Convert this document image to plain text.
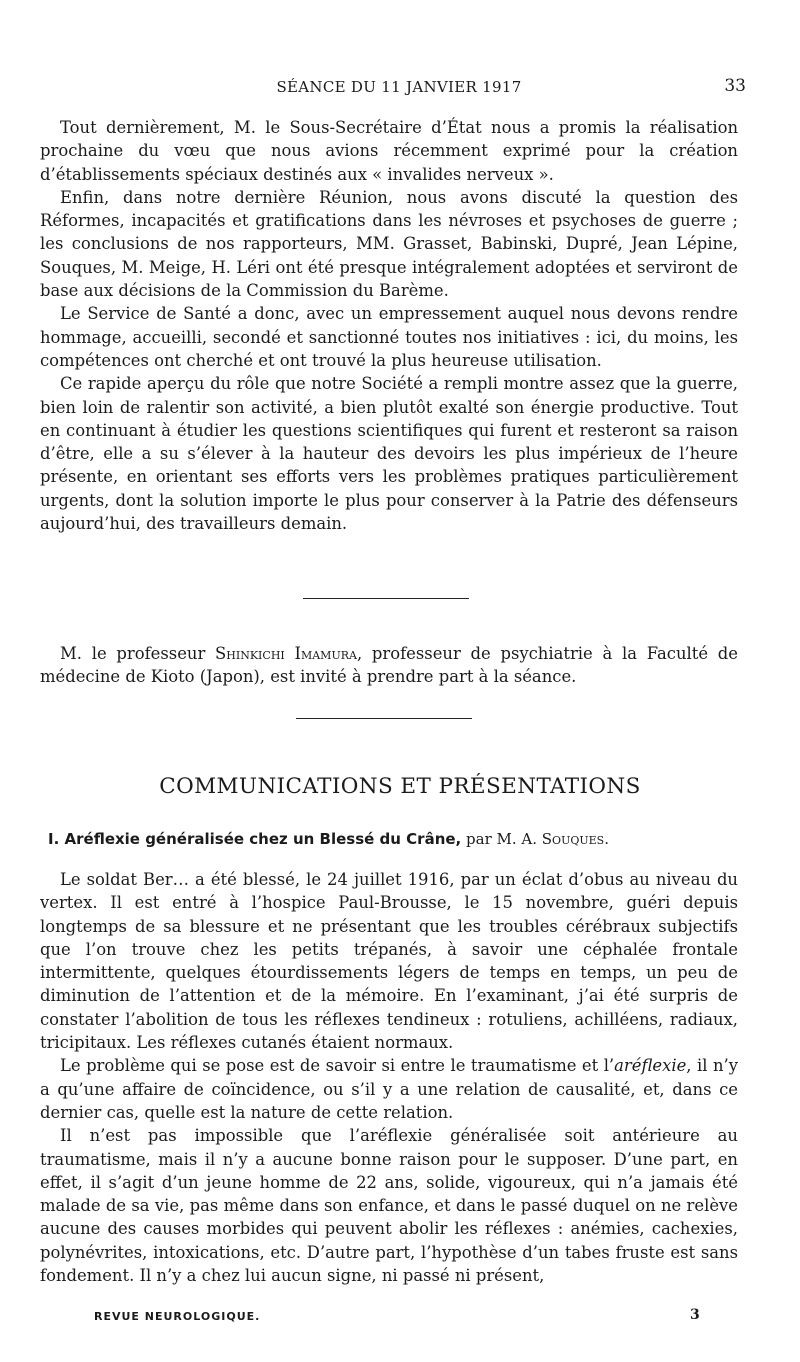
SÉANCE DU 11 JANVIER 1917	33

Tout dernièrement, M. le Sous-Secrétaire d’État nous a promis la réalisation prochaine du vœu que nous avions récemment exprimé pour la création d’établissements spéciaux destinés aux « invalides nerveux ».

Enfin, dans notre dernière Réunion, nous avons discuté la question des Réformes, incapacités et gratifications dans les névroses et psychoses de guerre ; les conclusions de nos rapporteurs, MM. Grasset, Babinski, Dupré, Jean Lépine, Souques, M. Meige, H. Léri ont été presque intégralement adoptées et serviront de base aux décisions de la Commission du Barème.

Le Service de Santé a donc, avec un empressement auquel nous devons rendre hommage, accueilli, secondé et sanctionné toutes nos initiatives : ici, du moins, les compétences ont cherché et ont trouvé la plus heureuse utilisation.

Ce rapide aperçu du rôle que notre Société a rempli montre assez que la guerre, bien loin de ralentir son activité, a bien plutôt exalté son énergie productive. Tout en continuant à étudier les questions scientifiques qui furent et resteront sa raison d’être, elle a su s’élever à la hauteur des devoirs les plus impérieux de l’heure présente, en orientant ses efforts vers les problèmes pratiques particulièrement urgents, dont la solution importe le plus pour conserver à la Patrie des défenseurs aujourd’hui, des travailleurs demain.

M. le professeur Shinkichi Imamura, professeur de psychiatrie à la Faculté de médecine de Kioto (Japon), est invité à prendre part à la séance.

COMMUNICATIONS ET PRÉSENTATIONS
I. Aréflexie généralisée chez un Blessé du Crâne, par M. A. Souques.

Le soldat Ber… a été blessé, le 24 juillet 1916, par un éclat d’obus au niveau du vertex. Il est entré à l’hospice Paul-Brousse, le 15 novembre, guéri depuis longtemps de sa blessure et ne présentant que les troubles cérébraux subjectifs que l’on trouve chez les petits trépanés, à savoir une céphalée frontale intermittente, quelques étourdissements légers de temps en temps, un peu de diminution de l’attention et de la mémoire. En l’examinant, j’ai été surpris de constater l’abolition de tous les réflexes tendineux : rotuliens, achilléens, radiaux, tricipitaux. Les réflexes cutanés étaient normaux.

Le problème qui se pose est de savoir si entre le traumatisme et l’aréflexie, il n’y a qu’une affaire de coïncidence, ou s’il y a une relation de causalité, et, dans ce dernier cas, quelle est la nature de cette relation.

Il n’est pas impossible que l’aréflexie généralisée soit antérieure au traumatisme, mais il n’y a aucune bonne raison pour le supposer. D’une part, en effet, il s’agit d’un jeune homme de 22 ans, solide, vigoureux, qui n’a jamais été malade de sa vie, pas même dans son enfance, et dans le passé duquel on ne relève aucune des causes morbides qui peuvent abolir les réflexes : anémies, cachexies, polynévrites, intoxications, etc. D’autre part, l’hypothèse d’un tabes fruste est sans fondement. Il n’y a chez lui aucun signe, ni passé ni présent,

REVUE NEUROLOGIQUE.	3
